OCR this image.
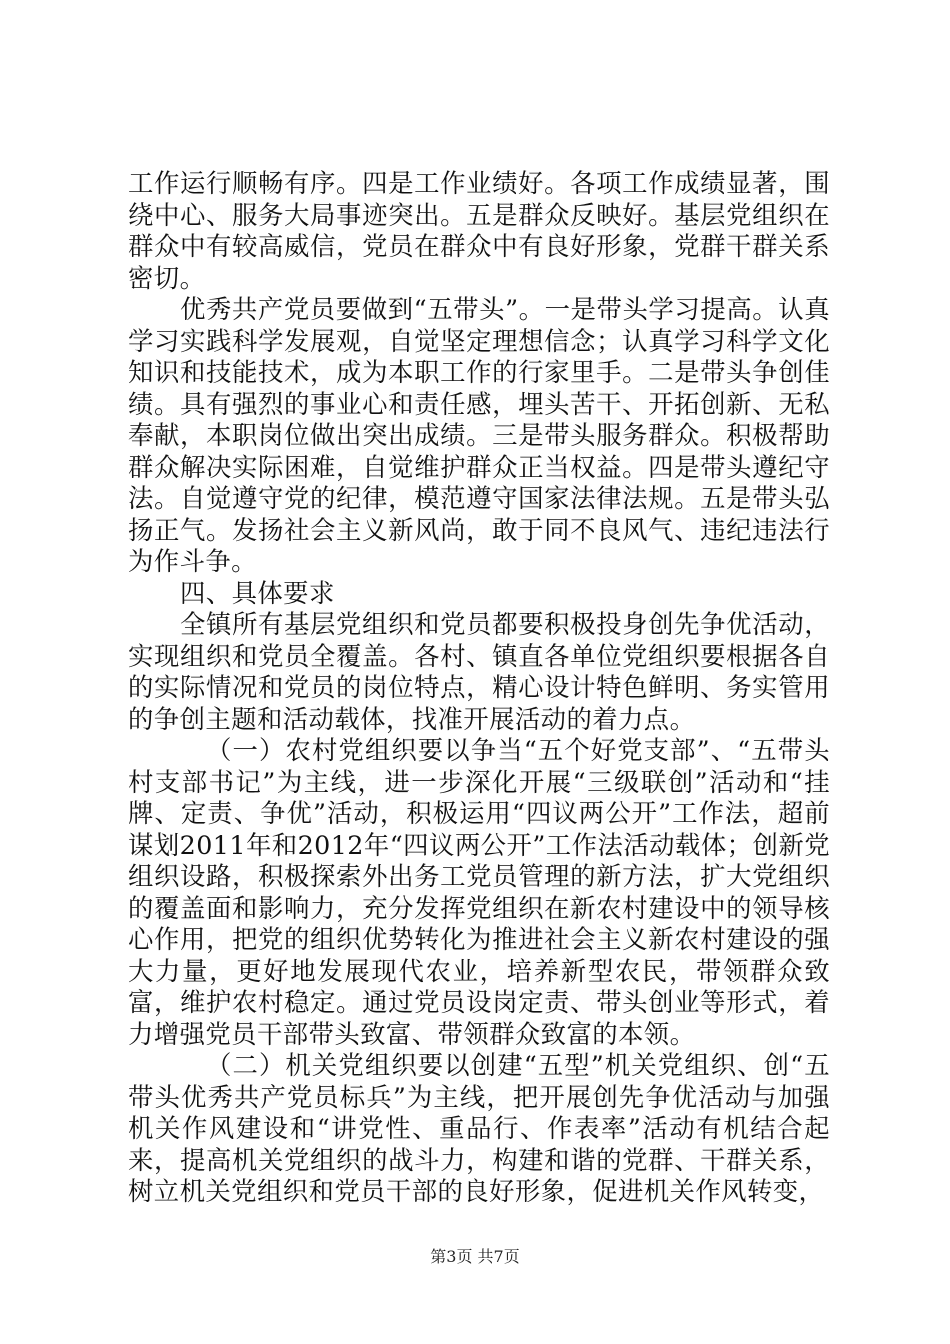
工作运行顺畅有序。四是工作业绩好。各项工作成绩显著，围绕中心、服务大局事迹突出。五是群众反映好。基层党组织在群众中有较高威信，党员在群众中有良好形象，党群干群关系密切。

优秀共产党员要做到“五带头”。一是带头学习提高。认真学习实践科学发展观，自觉坚定理想信念；认真学习科学文化知识和技能技术，成为本职工作的行家里手。二是带头争创佳绩。具有强烈的事业心和责任感，埋头苦干、开拓创新、无私奉献，本职岗位做出突出成绩。三是带头服务群众。积极帮助群众解决实际困难，自觉维护群众正当权益。四是带头遵纪守法。自觉遵守党的纪律，模范遵守国家法律法规。五是带头弘扬正气。发扬社会主义新风尚，敢于同不良风气、违纪违法行为作斗争。

四、具体要求

全镇所有基层党组织和党员都要积极投身创先争优活动，实现组织和党员全覆盖。各村、镇直各单位党组织要根据各自的实际情况和党员的岗位特点，精心设计特色鲜明、务实管用的争创主题和活动载体，找准开展活动的着力点。

（一）农村党组织要以争当“五个好党支部”、“五带头村支部书记”为主线，进一步深化开展“三级联创”活动和“挂牌、定责、争优”活动，积极运用“四议两公开”工作法，超前谋划2011年和2012年“四议两公开”工作法活动载体；创新党组织设路，积极探索外出务工党员管理的新方法，扩大党组织的覆盖面和影响力，充分发挥党组织在新农村建设中的领导核心作用，把党的组织优势转化为推进社会主义新农村建设的强大力量，更好地发展现代农业，培养新型农民，带领群众致富，维护农村稳定。通过党员设岗定责、带头创业等形式，着力增强党员干部带头致富、带领群众致富的本领。

（二）机关党组织要以创建“五型”机关党组织、创“五带头优秀共产党员标兵”为主线，把开展创先争优活动与加强机关作风建设和“讲党性、重品行、作表率”活动有机结合起来，提高机关党组织的战斗力，构建和谐的党群、干群关系，树立机关党组织和党员干部的良好形象，促进机关作风转变，

第3页 共7页
